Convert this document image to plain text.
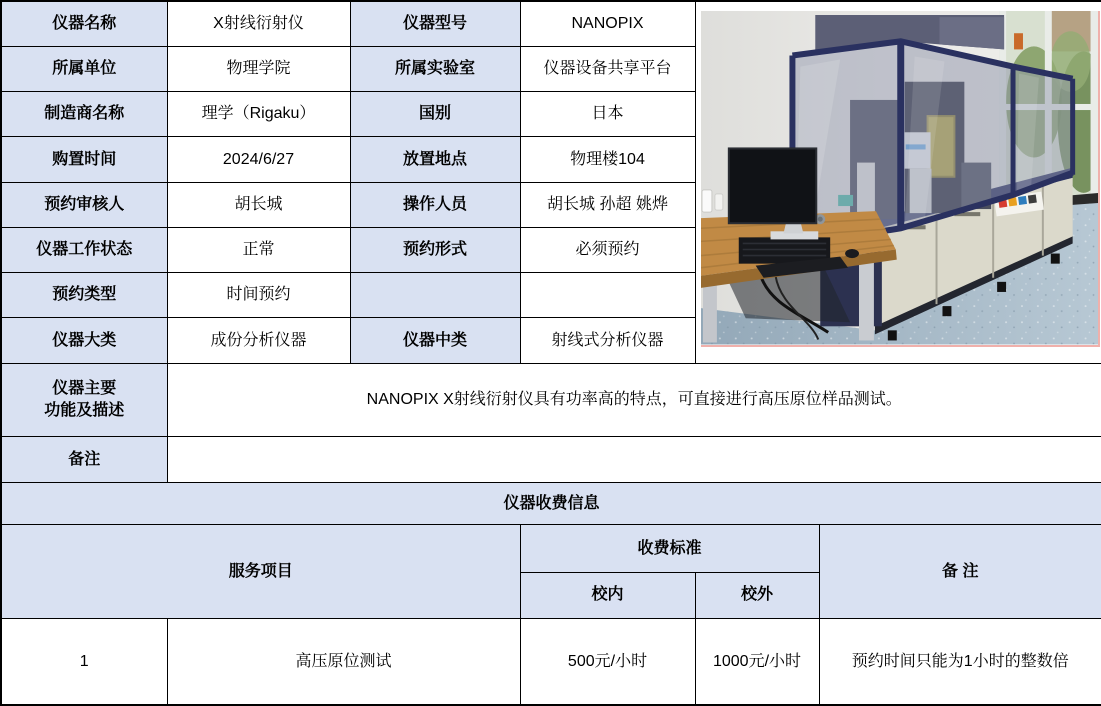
仪器名称	X射线衍射仪	仪器型号	NANOPIX	

所属单位	物理学院	所属实验室	仪器设备共享平台		
制造商名称	理学（Rigaku）	国别	日本		
购置时间	2024/6/27	放置地点	物理楼104		
预约审核人	胡长城	操作人员	胡长城 孙超 姚烨		
仪器工作状态	正常	预约形式	必须预约		
预约类型	时间预约				
仪器大类	成份分析仪器	仪器中类	射线式分析仪器		

仪器主要
功能及描述	NANOPIX X射线衍射仪具有功率高的特点，可直接进行高压原位样品测试。				
备注					
仪器收费信息					
服务项目			收费标准		备 注
			校内	校外	
1	高压原位测试		500元/小时	1000元/小时	预约时间只能为1小时的整数倍
